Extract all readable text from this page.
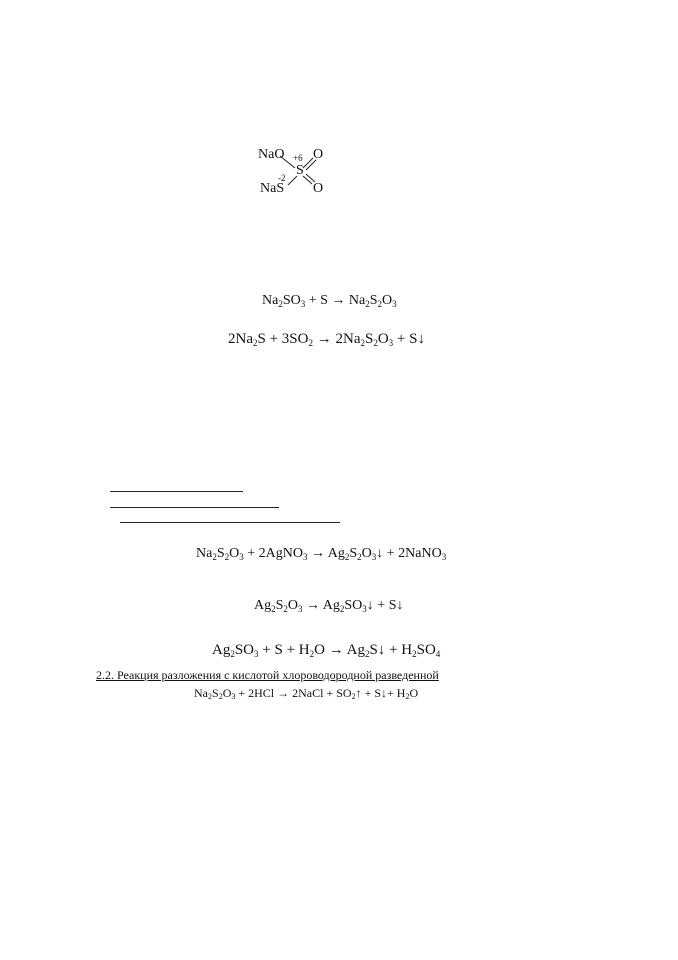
NaO +6 O
S
-2
NaS O
$Na_2SO_3 + S \to Na_2S_2O_3$
$2Na_2S + 3SO_2 \to 2Na_2S_2O_3$ + S↓
$Na_2S_2O_3$ + 2AgNO$_3$ → $Ag_2S_2O_3↓$ + 2NaNO$_3$
$Ag_2S_2O_3$ → $Ag_2SO_3↓$ + S↓
$Ag_2SO_3 + S + H_2O$ → $Ag_2S↓ + H_2SO_4$
2.2. Реакция разложения с кислотой хлороводородной разведенной
$Na_2S_2O_3 + 2HCl$ → 2NaCl + $SO_2↑$ + S↓+ $H_2O$
